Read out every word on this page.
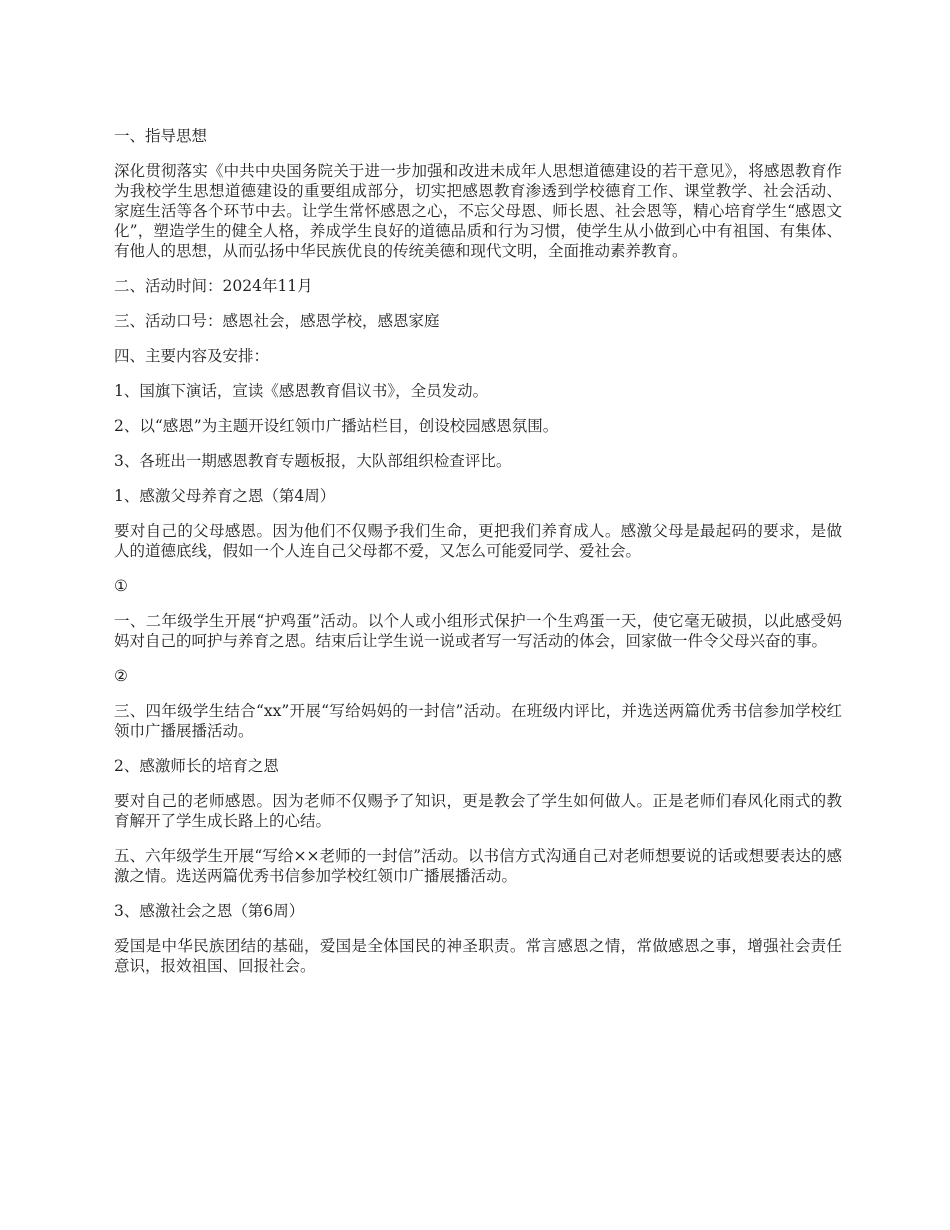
一、指导思想

深化贯彻落实《中共中央国务院关于进一步加强和改进未成年人思想道德建设的若干意见》，将感恩教育作为我校学生思想道德建设的重要组成部分，切实把感恩教育渗透到学校德育工作、课堂教学、社会活动、家庭生活等各个环节中去。让学生常怀感恩之心，不忘父母恩、师长恩、社会恩等，精心培育学生“感恩文化”，塑造学生的健全人格，养成学生良好的道德品质和行为习惯，使学生从小做到心中有祖国、有集体、有他人的思想，从而弘扬中华民族优良的传统美德和现代文明，全面推动素养教育。

二、活动时间：2024年11月

三、活动口号：感恩社会，感恩学校，感恩家庭

四、主要内容及安排：

1、国旗下演话，宣读《感恩教育倡议书》，全员发动。

2、以“感恩”为主题开设红领巾广播站栏目，创设校园感恩氛围。

3、各班出一期感恩教育专题板报，大队部组织检查评比。

1、感激父母养育之恩（第4周）

要对自己的父母感恩。因为他们不仅赐予我们生命，更把我们养育成人。感激父母是最起码的要求，是做人的道德底线，假如一个人连自己父母都不爱，又怎么可能爱同学、爱社会。

①

一、二年级学生开展“护鸡蛋”活动。以个人或小组形式保护一个生鸡蛋一天，使它毫无破损，以此感受妈妈对自己的呵护与养育之恩。结束后让学生说一说或者写一写活动的体会，回家做一件令父母兴奋的事。

②

三、四年级学生结合“xx”开展“写给妈妈的一封信”活动。在班级内评比，并选送两篇优秀书信参加学校红领巾广播展播活动。

2、感激师长的培育之恩

要对自己的老师感恩。因为老师不仅赐予了知识，更是教会了学生如何做人。正是老师们春风化雨式的教育解开了学生成长路上的心结。

五、六年级学生开展“写给××老师的一封信”活动。以书信方式沟通自己对老师想要说的话或想要表达的感激之情。选送两篇优秀书信参加学校红领巾广播展播活动。

3、感激社会之恩（第6周）

爱国是中华民族团结的基础，爱国是全体国民的神圣职责。常言感恩之情，常做感恩之事，增强社会责任意识，报效祖国、回报社会。
